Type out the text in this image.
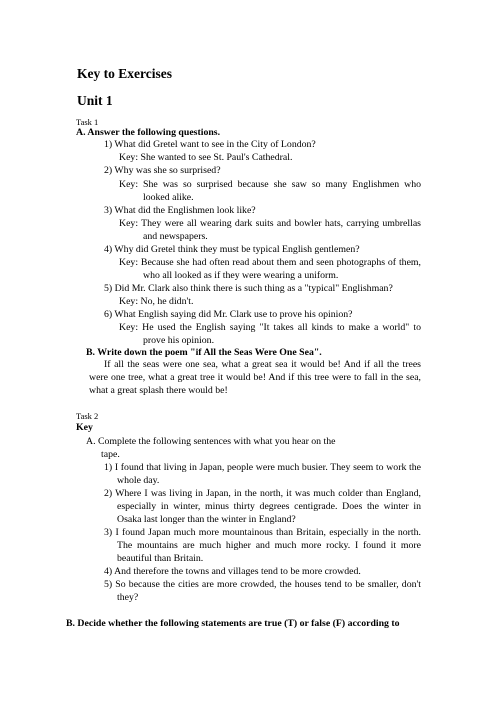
Key to Exercises
Unit 1
Task 1
A. Answer the following questions.
1) What did Gretel want to see in the City of London?
Key: She wanted to see St. Paul's Cathedral.
2) Why was she so surprised?
Key: She was so surprised because she saw so many Englishmen who
looked alike.
3) What did the Englishmen look like?
Key: They were all wearing dark suits and bowler hats, carrying umbrellas
and newspapers.
4) Why did Gretel think they must be typical English gentlemen?
Key: Because she had often read about them and seen photographs of them,
who all looked as if they were wearing a uniform.
5) Did Mr. Clark also think there is such thing as a "typical" Englishman?
Key: No, he didn't.
6) What English saying did Mr. Clark use to prove his opinion?
Key: He used the English saying "It takes all kinds to make a world" to
prove his opinion.
B. Write down the poem "if All the Seas Were One Sea".
If all the seas were one sea, what a great sea it would be! And if all the trees
were one tree, what a great tree it would be! And if this tree were to fall in the sea,
what a great splash there would be!
Task 2
Key
A. Complete the following sentences with what you hear on the
tape.
1) I found that living in Japan, people were much busier. They seem to work the
whole day.
2) Where I was living in Japan, in the north, it was much colder than England,
especially in winter, minus thirty degrees centigrade. Does the winter in
Osaka last longer than the winter in England?
3) I found Japan much more mountainous than Britain, especially in the north.
The mountains are much higher and much more rocky. I found it more
beautiful than Britain.
4) And therefore the towns and villages tend to be more crowded.
5) So because the cities are more crowded, the houses tend to be smaller, don't
they?
B. Decide whether the following statements are true (T) or false (F) according to
